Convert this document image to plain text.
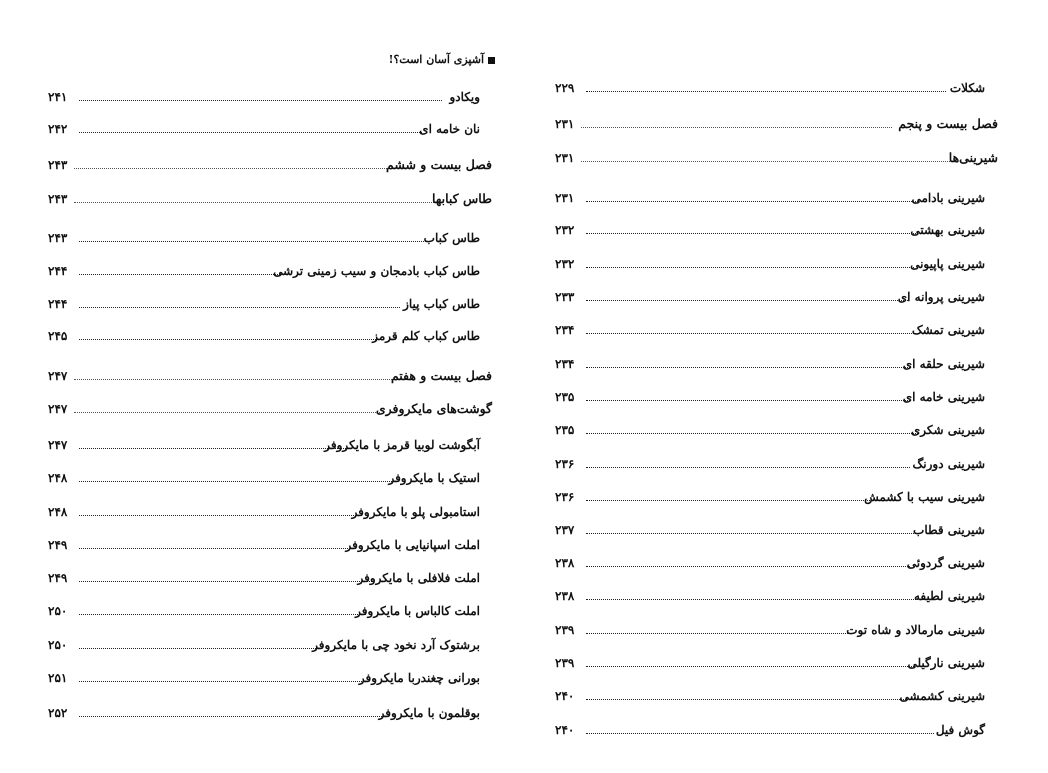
آشپزی آسان است؟!
۲۴۱	ویکادو
۲۴۲	نان خامه ای
۲۴۳	فصل بیست و ششم
۲۴۳	طاس کبابها
۲۴۳	طاس کباب
۲۴۴	طاس کباب بادمجان و سیب زمینی ترشی
۲۴۴	طاس کباب پیاز
۲۴۵	طاس کباب کلم قرمز
۲۴۷	فصل بیست و هفتم
۲۴۷	گوشت‌های مایکروفری
۲۴۷	آبگوشت لوبیا قرمز با مایکروفر
۲۴۸	استیک با مایکروفر
۲۴۸	استامبولی پلو با مایکروفر
۲۴۹	املت اسپانیایی با مایکروفر
۲۴۹	املت فلافلی با مایکروفر
۲۵۰	املت کالباس با مایکروفر
۲۵۰	برشتوک آرد نخود چی با مایکروفر
۲۵۱	بورانی چغندربا مایکروفر
۲۵۲	بوقلمون با مایکروفر
۲۲۹	شکلات
۲۳۱	فصل بیست و پنجم
۲۳۱	شیرینی‌ها
۲۳۱	شیرینی بادامی
۲۳۲	شیرینی بهشتی
۲۳۲	شیرینی پاپیونی
۲۳۳	شیرینی پروانه ای
۲۳۴	شیرینی تمشک
۲۳۴	شیرینی حلقه ای
۲۳۵	شیرینی خامه ای
۲۳۵	شیرینی شکری
۲۳۶	شیرینی دورنگ
۲۳۶	شیرینی سیب با کشمش
۲۳۷	شیرینی قطاب
۲۳۸	شیرینی گردوئی
۲۳۸	شیرینی لطیفه
۲۳۹	شیرینی مارمالاد و شاه توت
۲۳۹	شیرینی نارگیلی
۲۴۰	شیرینی کشمشی
۲۴۰	گوش فیل
